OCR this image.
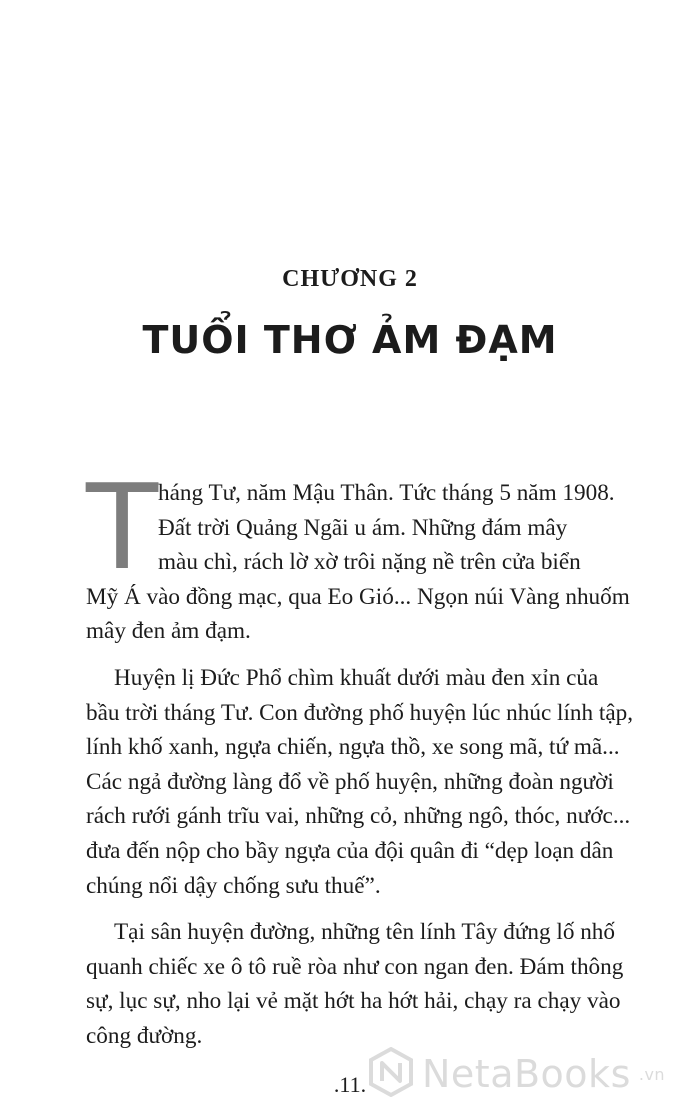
CHƯƠNG 2
TUỔI THƠ ẢM ĐẠM
T háng Tư, năm Mậu Thân. Tức tháng 5 năm 1908.
Đất trời Quảng Ngãi u ám. Những đám mây
màu chì, rách lờ xờ trôi nặng nề trên cửa biển
Mỹ Á vào đồng mạc, qua Eo Gió... Ngọn núi Vàng nhuốm
mây đen ảm đạm.
Huyện lị Đức Phổ chìm khuất dưới màu đen xỉn của
bầu trời tháng Tư. Con đường phố huyện lúc nhúc lính tập,
lính khố xanh, ngựa chiến, ngựa thồ, xe song mã, tứ mã...
Các ngả đường làng đổ về phố huyện, những đoàn người
rách rưới gánh trĩu vai, những cỏ, những ngô, thóc, nước...
đưa đến nộp cho bầy ngựa của đội quân đi “dẹp loạn dân
chúng nổi dậy chống sưu thuế”.
Tại sân huyện đường, những tên lính Tây đứng lố nhố
quanh chiếc xe ô tô ruề ròa như con ngan đen. Đám thông
sự, lục sự, nho lại vẻ mặt hớt ha hớt hải, chạy ra chạy vào
công đường.
.11.	NetaBooks .vn
